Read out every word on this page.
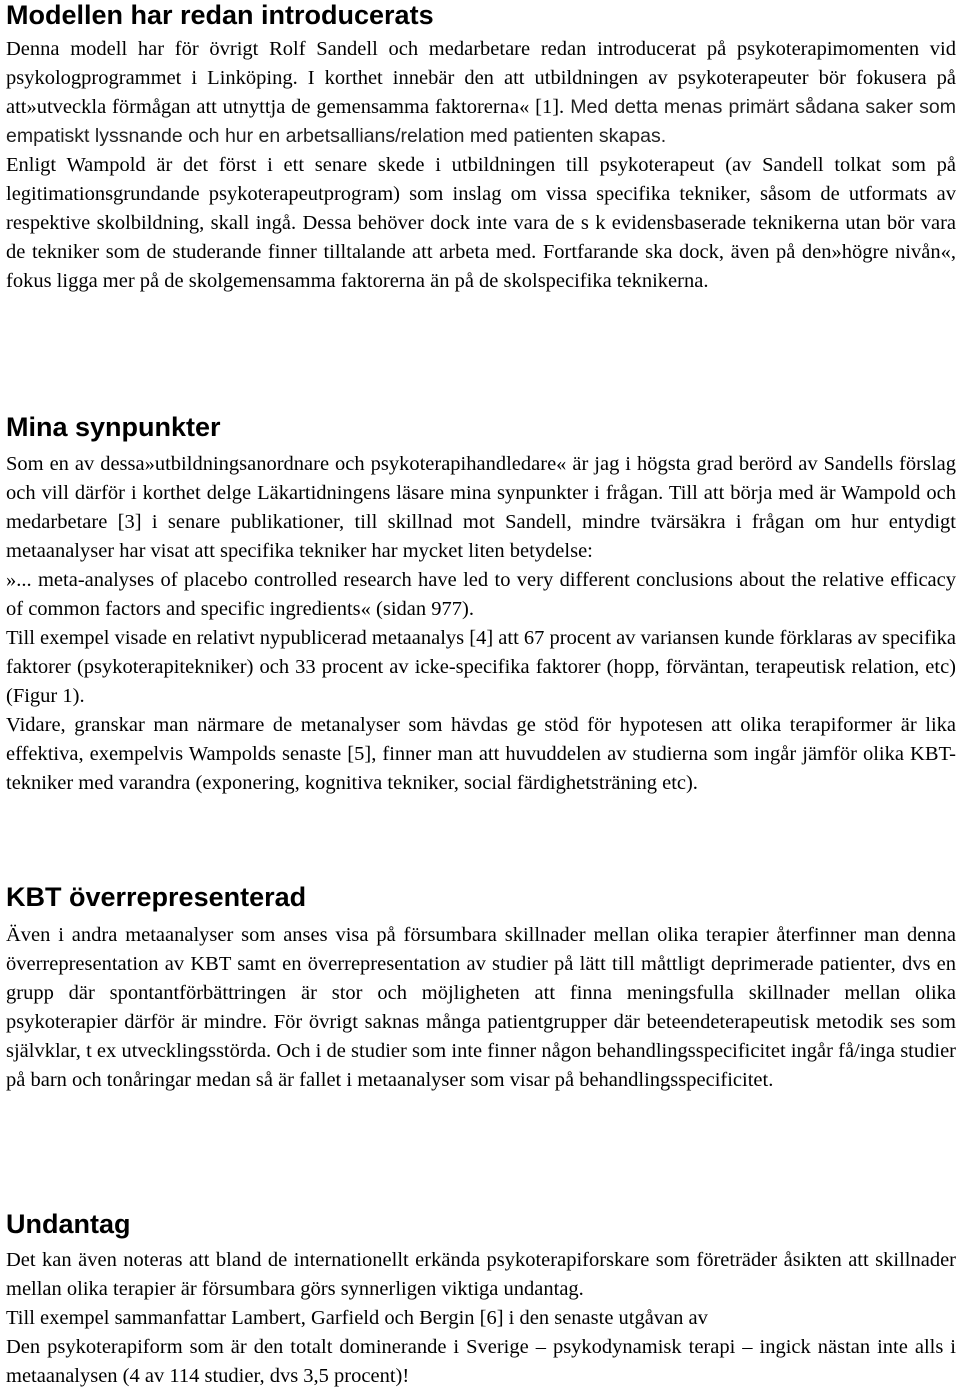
Modellen har redan introducerats

Denna modell har för övrigt Rolf Sandell och medarbetare redan introducerat på psykoterapimomenten vid psykologprogrammet i Linköping. I korthet innebär den att utbildningen av psykoterapeuter bör fokusera på att»utveckla förmågan att utnyttja de gemensamma faktorerna« [1]. Med detta menas primärt sådana saker som empatiskt lyssnande och hur en arbetsallians/relation med patienten skapas.

Enligt Wampold är det först i ett senare skede i utbildningen till psykoterapeut (av Sandell tolkat som på legitimationsgrundande psykoterapeutprogram) som inslag om vissa specifika tekniker, såsom de utformats av respektive skolbildning, skall ingå. Dessa behöver dock inte vara de s k evidensbaserade teknikerna utan bör vara de tekniker som de studerande finner tilltalande att arbeta med. Fortfarande ska dock, även på den»högre nivån«, fokus ligga mer på de skolgemensamma faktorerna än på de skolspecifika teknikerna.

Mina synpunkter

Som en av dessa»utbildningsanordnare och psykoterapihandledare« är jag i högsta grad berörd av Sandells förslag och vill därför i korthet delge Läkartidningens läsare mina synpunkter i frågan. Till att börja med är Wampold och medarbetare [3] i senare publikationer, till skillnad mot Sandell, mindre tvärsäkra i frågan om hur entydigt metaanalyser har visat att specifika tekniker har mycket liten betydelse:

»... meta-analyses of placebo controlled research have led to very different conclusions about the relative efficacy of common factors and specific ingredients« (sidan 977).

Till exempel visade en relativt nypublicerad metaanalys [4] att 67 procent av variansen kunde förklaras av specifika faktorer (psykoterapitekniker) och 33 procent av icke-specifika faktorer (hopp, förväntan, terapeutisk relation, etc) (Figur 1).

Vidare, granskar man närmare de metanalyser som hävdas ge stöd för hypotesen att olika terapiformer är lika effektiva, exempelvis Wampolds senaste [5], finner man att huvuddelen av studierna som ingår jämför olika KBT-tekniker med varandra (exponering, kognitiva tekniker, social färdighetsträning etc).

KBT överrepresenterad

Även i andra metaanalyser som anses visa på försumbara skillnader mellan olika terapier återfinner man denna överrepresentation av KBT samt en överrepresentation av studier på lätt till måttligt deprimerade patienter, dvs en grupp där spontantförbättringen är stor och möjligheten att finna meningsfulla skillnader mellan olika psykoterapier därför är mindre. För övrigt saknas många patientgrupper där beteendeterapeutisk metodik ses som självklar, t ex utvecklingsstörda. Och i de studier som inte finner någon behandlingsspecificitet ingår få/inga studier på barn och tonåringar medan så är fallet i metaanalyser som visar på behandlingsspecificitet.

Undantag

Det kan även noteras att bland de internationellt erkända psykoterapiforskare som företräder åsikten att skillnader mellan olika terapier är försumbara görs synnerligen viktiga undantag.

Till exempel sammanfattar Lambert, Garfield och Bergin [6] i den senaste utgåvan av

Den psykoterapiform som är den totalt dominerande i Sverige – psykodynamisk terapi – ingick nästan inte alls i metaanalysen (4 av 114 studier, dvs 3,5 procent)!
